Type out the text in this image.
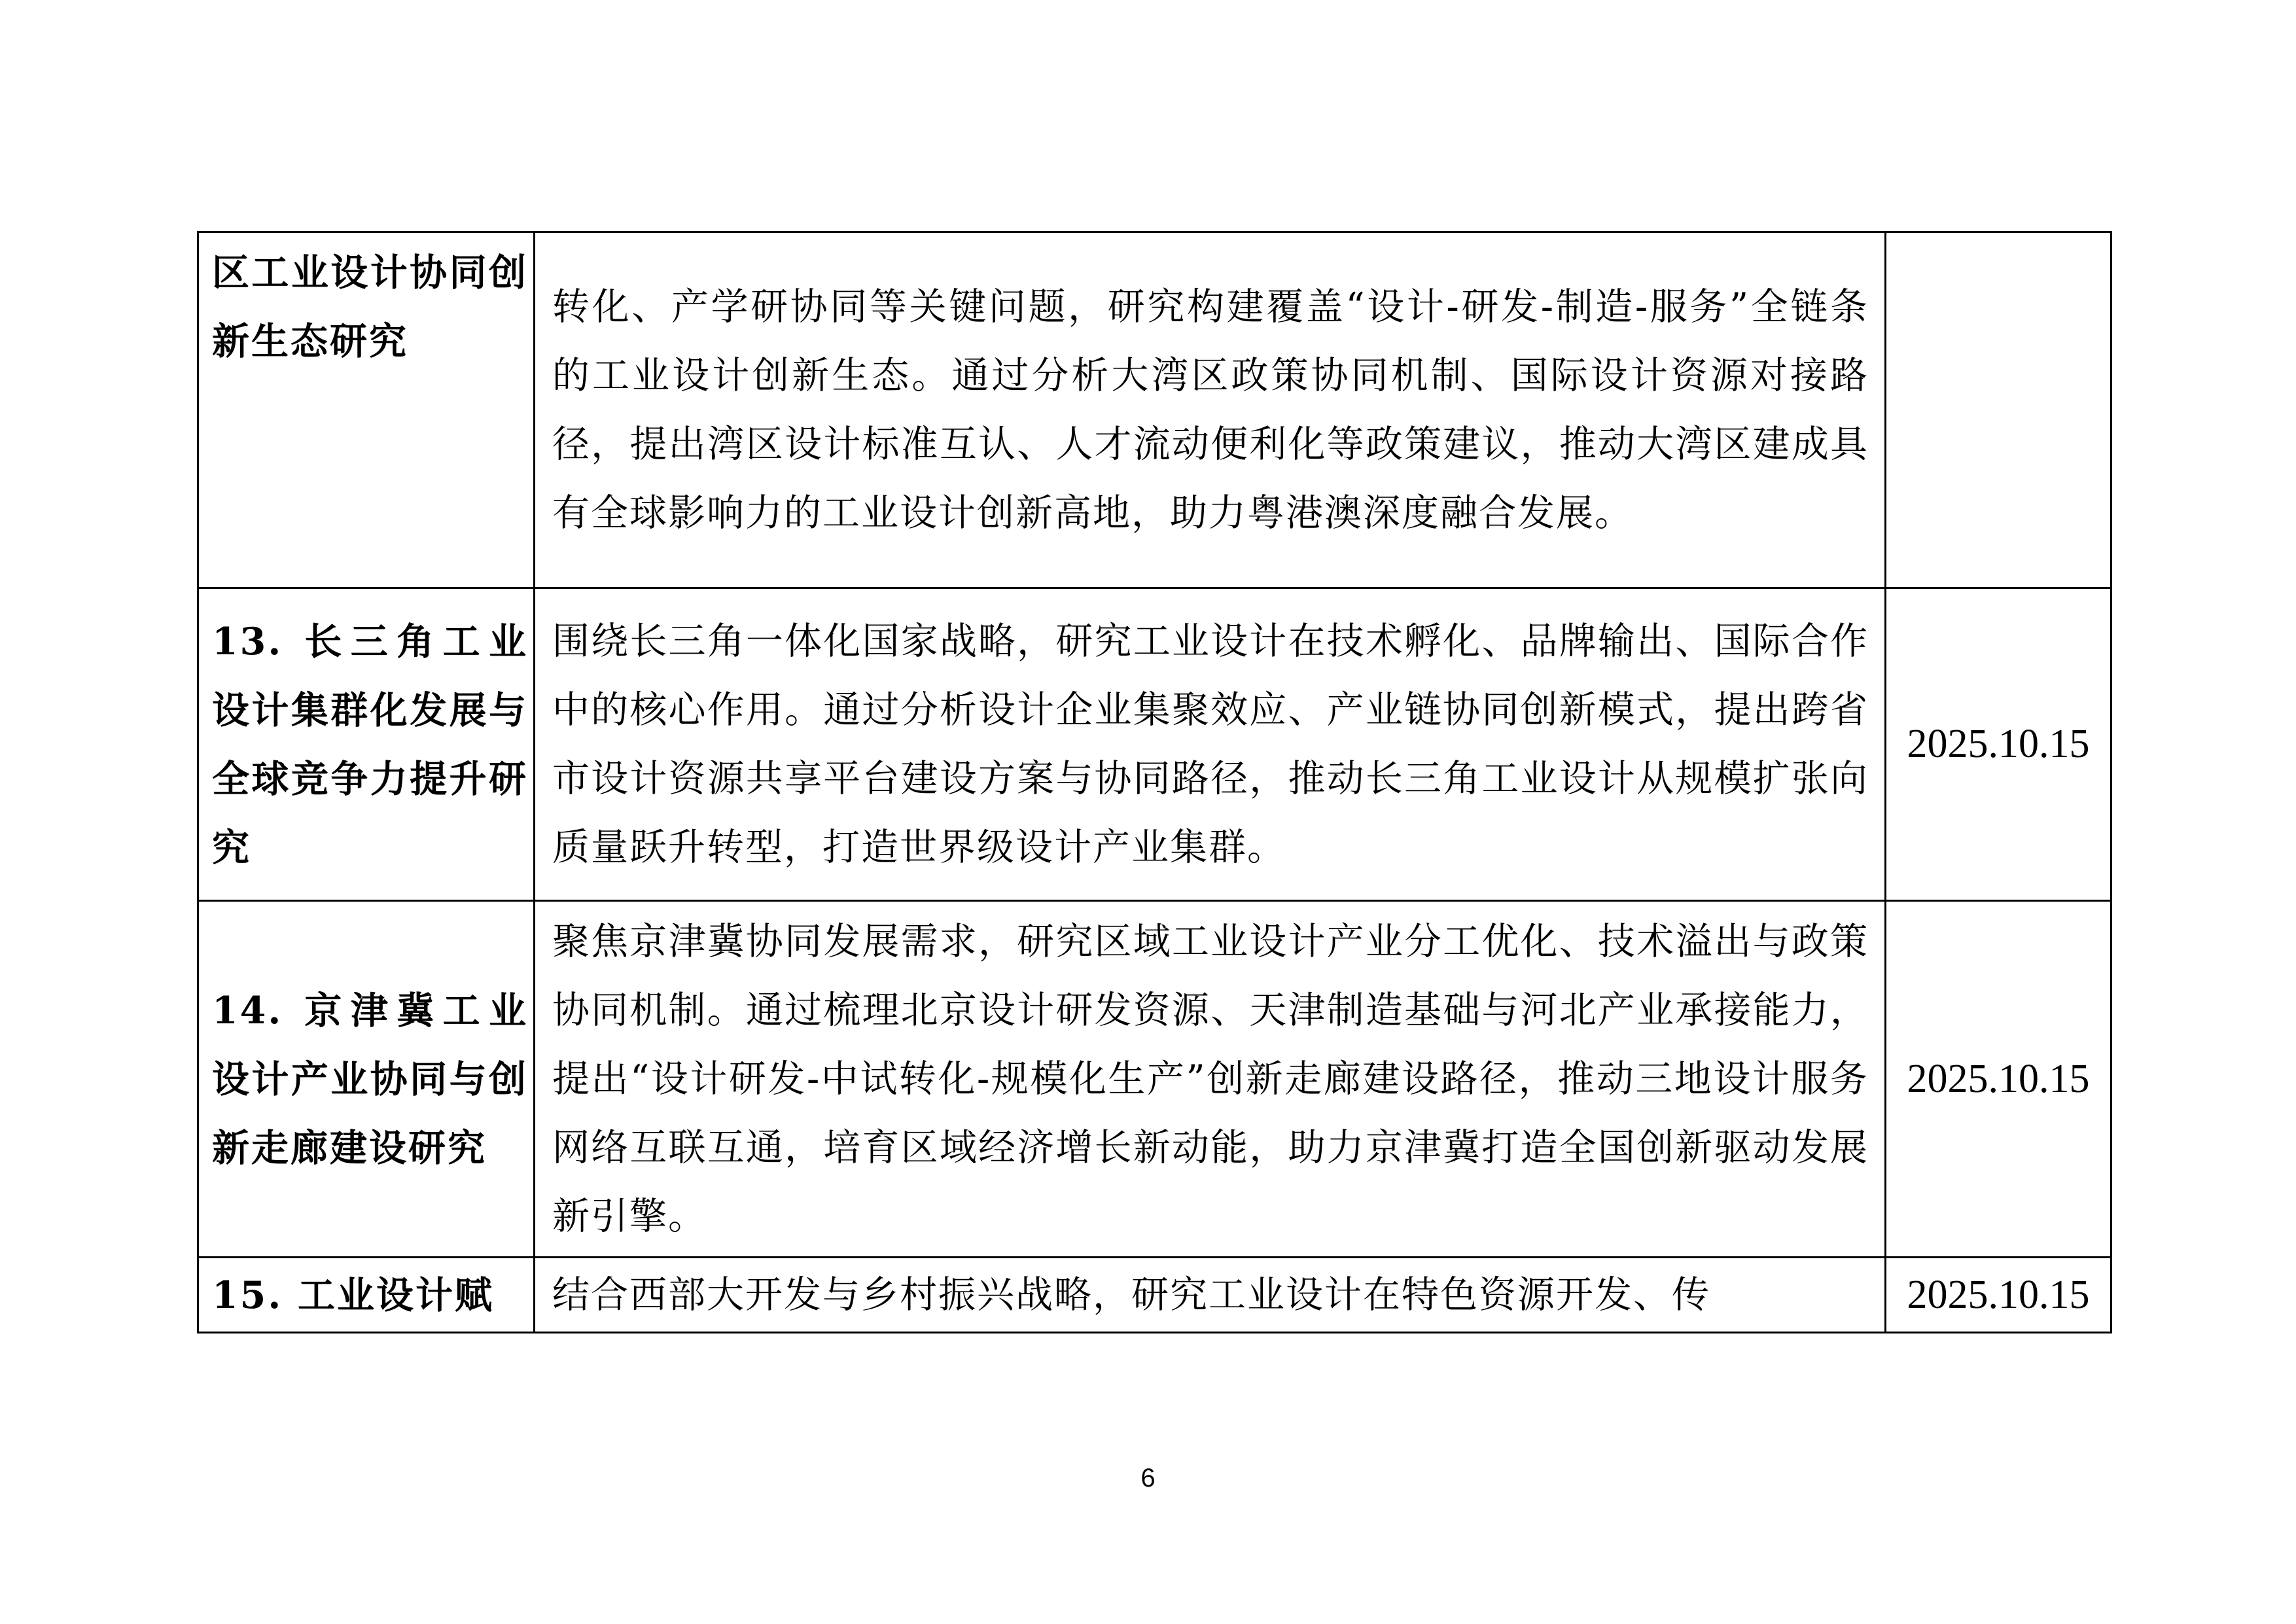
区工业设计协同创新生态研究	转化、产学研协同等关键问题，研究构建覆盖“设计-研发-制造-服务”全链条的工业设计创新生态。通过分析大湾区政策协同机制、国际设计资源对接路径，提出湾区设计标准互认、人才流动便利化等政策建议，推动大湾区建成具有全球影响力的工业设计创新高地，助力粤港澳深度融合发展。	

13. 长三角工业设计集群化发展与全球竞争力提升研究	围绕长三角一体化国家战略，研究工业设计在技术孵化、品牌输出、国际合作中的核心作用。通过分析设计企业集聚效应、产业链协同创新模式，提出跨省市设计资源共享平台建设方案与协同路径，推动长三角工业设计从规模扩张向质量跃升转型，打造世界级设计产业集群。	2025.10.15

14. 京津冀工业设计产业协同与创新走廊建设研究	聚焦京津冀协同发展需求，研究区域工业设计产业分工优化、技术溢出与政策协同机制。通过梳理北京设计研发资源、天津制造基础与河北产业承接能力，提出“设计研发-中试转化-规模化生产”创新走廊建设路径，推动三地设计服务网络互联互通，培育区域经济增长新动能，助力京津冀打造全国创新驱动发展新引擎。	2025.10.15

15. 工业设计赋	结合西部大开发与乡村振兴战略，研究工业设计在特色资源开发、传	2025.10.15
6
